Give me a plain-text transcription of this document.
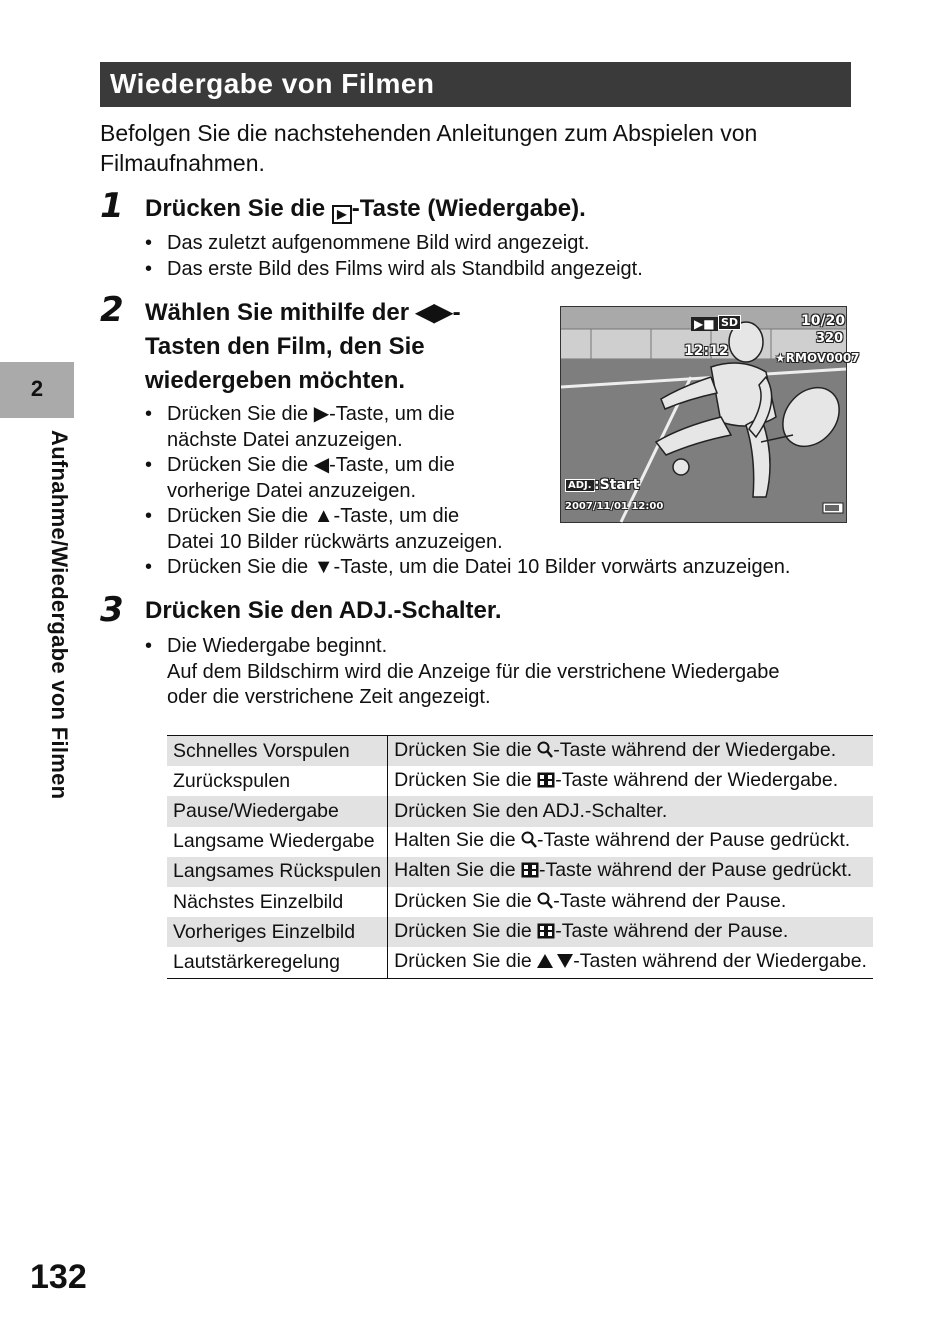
Wiedergabe von Filmen
Befolgen Sie die nachstehenden Anleitungen zum Abspielen von Filmaufnahmen.
1 Drücken Sie die ▶ -Taste (Wiedergabe).
• Das zuletzt aufgenommene Bild wird angezeigt.
• Das erste Bild des Films wird als Standbild angezeigt.
2 Wählen Sie mithilfe der ◀▶-
Tasten den Film, den Sie
wiedergeben möchten.
• Drücken Sie die ▶-Taste, um die
nächste Datei anzuzeigen.
• Drücken Sie die ◀-Taste, um die
vorherige Datei anzuzeigen.
• Drücken Sie die ▲-Taste, um die
Datei 10 Bilder rückwärts anzuzeigen.
• Drücken Sie die ▼-Taste, um die Datei 10 Bilder vorwärts anzuzeigen.
▶■ SD	10/20
320
★RMOV0007
12:12
ADJ. :Start
2007/11/01 12:00
3 Drücken Sie den ADJ.-Schalter.
• Die Wiedergabe beginnt.
Auf dem Bildschirm wird die Anzeige für die verstrichene Wiedergabe
oder die verstrichene Zeit angezeigt.
Schnelles Vorspulen	Drücken Sie die -Taste während der Wiedergabe.
Zurückspulen	Drücken Sie die -Taste während der Wiedergabe.
Pause/Wiedergabe	Drücken Sie den ADJ.-Schalter.
Langsame Wiedergabe	Halten Sie die -Taste während der Pause gedrückt.
Langsames Rückspulen	Halten Sie die -Taste während der Pause gedrückt.
Nächstes Einzelbild	Drücken Sie die -Taste während der Pause.
Vorheriges Einzelbild	Drücken Sie die -Taste während der Pause.
Lautstärkeregelung	Drücken Sie die -Tasten während der Wiedergabe.
2
Aufnahme/Wiedergabe von Filmen
132
